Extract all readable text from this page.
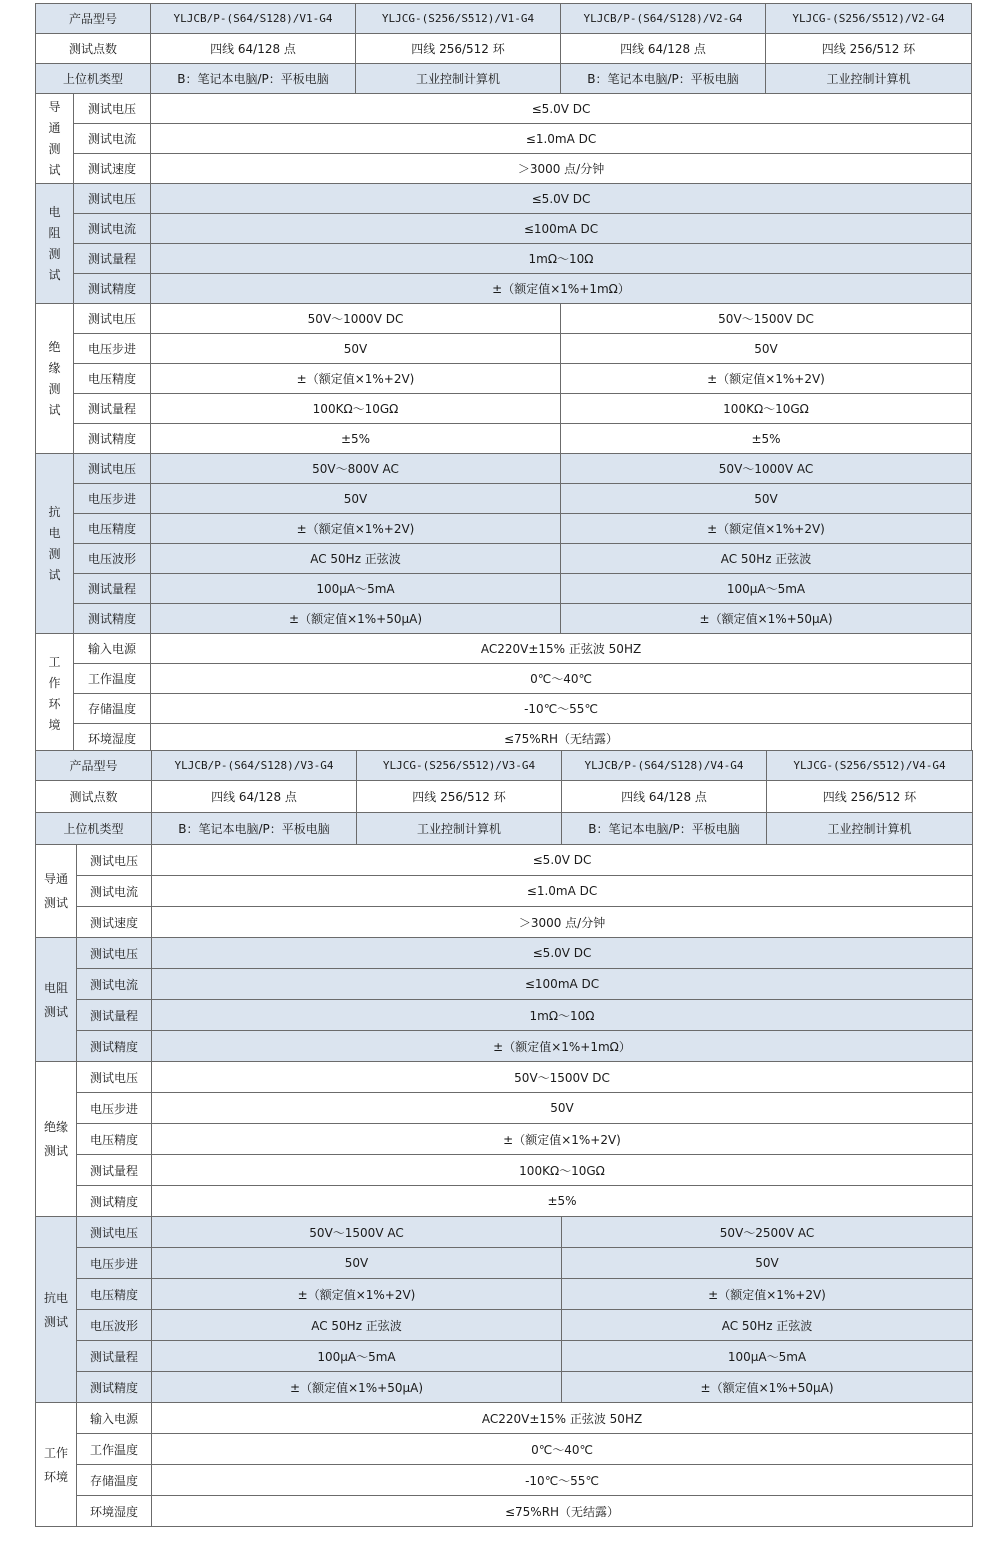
产品型号		YLJCB/P-(S64/S128)/V1-G4	YLJCG-(S256/S512)/V1-G4	YLJCB/P-(S64/S128)/V2-G4	YLJCG-(S256/S512)/V2-G4
测试点数		四线 64/128 点	四线 256/512 环	四线 64/128 点	四线 256/512 环
上位机类型		B：笔记本电脑/P：平板电脑	工业控制计算机	B：笔记本电脑/P：平板电脑	工业控制计算机
导
通
测
试	测试电压	≤5.0V DC			
	测试电流	≤1.0mA DC			
	测试速度	＞3000 点/分钟			
电
阻
测
试	测试电压	≤5.0V DC			
	测试电流	≤100mA DC			
	测试量程	1mΩ～10Ω			
	测试精度	±（额定值×1%+1mΩ）			
绝
缘
测
试	测试电压	50V～1000V DC		50V～1500V DC	
	电压步进	50V		50V	
	电压精度	±（额定值×1%+2V)		±（额定值×1%+2V)	
	测试量程	100KΩ～10GΩ		100KΩ～10GΩ	
	测试精度	±5%		±5%	
抗
电
测
试	测试电压	50V～800V AC		50V～1000V AC	
	电压步进	50V		50V	
	电压精度	±（额定值×1%+2V)		±（额定值×1%+2V)	
	电压波形	AC 50Hz 正弦波		AC 50Hz 正弦波	
	测试量程	100μA～5mA		100μA～5mA	
	测试精度	±（额定值×1%+50μA)		±（额定值×1%+50μA)	
工
作
环
境	输入电源	AC220V±15% 正弦波 50HZ			
	工作温度	0℃～40℃			
	存储温度	-10℃～55℃			
	环境湿度	≤75%RH（无结露）			
产品型号		YLJCB/P-(S64/S128)/V3-G4	YLJCG-(S256/S512)/V3-G4	YLJCB/P-(S64/S128)/V4-G4	YLJCG-(S256/S512)/V4-G4
测试点数		四线 64/128 点	四线 256/512 环	四线 64/128 点	四线 256/512 环
上位机类型		B：笔记本电脑/P：平板电脑	工业控制计算机	B：笔记本电脑/P：平板电脑	工业控制计算机
导通
测试	测试电压	≤5.0V DC			
	测试电流	≤1.0mA DC			
	测试速度	＞3000 点/分钟			
电阻
测试	测试电压	≤5.0V DC			
	测试电流	≤100mA DC			
	测试量程	1mΩ～10Ω			
	测试精度	±（额定值×1%+1mΩ）			
绝缘
测试	测试电压	50V～1500V DC			
	电压步进	50V			
	电压精度	±（额定值×1%+2V)			
	测试量程	100KΩ～10GΩ			
	测试精度	±5%			
抗电
测试	测试电压	50V～1500V AC		50V～2500V AC	
	电压步进	50V		50V	
	电压精度	±（额定值×1%+2V)		±（额定值×1%+2V)	
	电压波形	AC 50Hz 正弦波		AC 50Hz 正弦波	
	测试量程	100μA～5mA		100μA～5mA	
	测试精度	±（额定值×1%+50μA)		±（额定值×1%+50μA)	
工作
环境	输入电源	AC220V±15% 正弦波 50HZ			
	工作温度	0℃～40℃			
	存储温度	-10℃～55℃			
	环境湿度	≤75%RH（无结露）			
